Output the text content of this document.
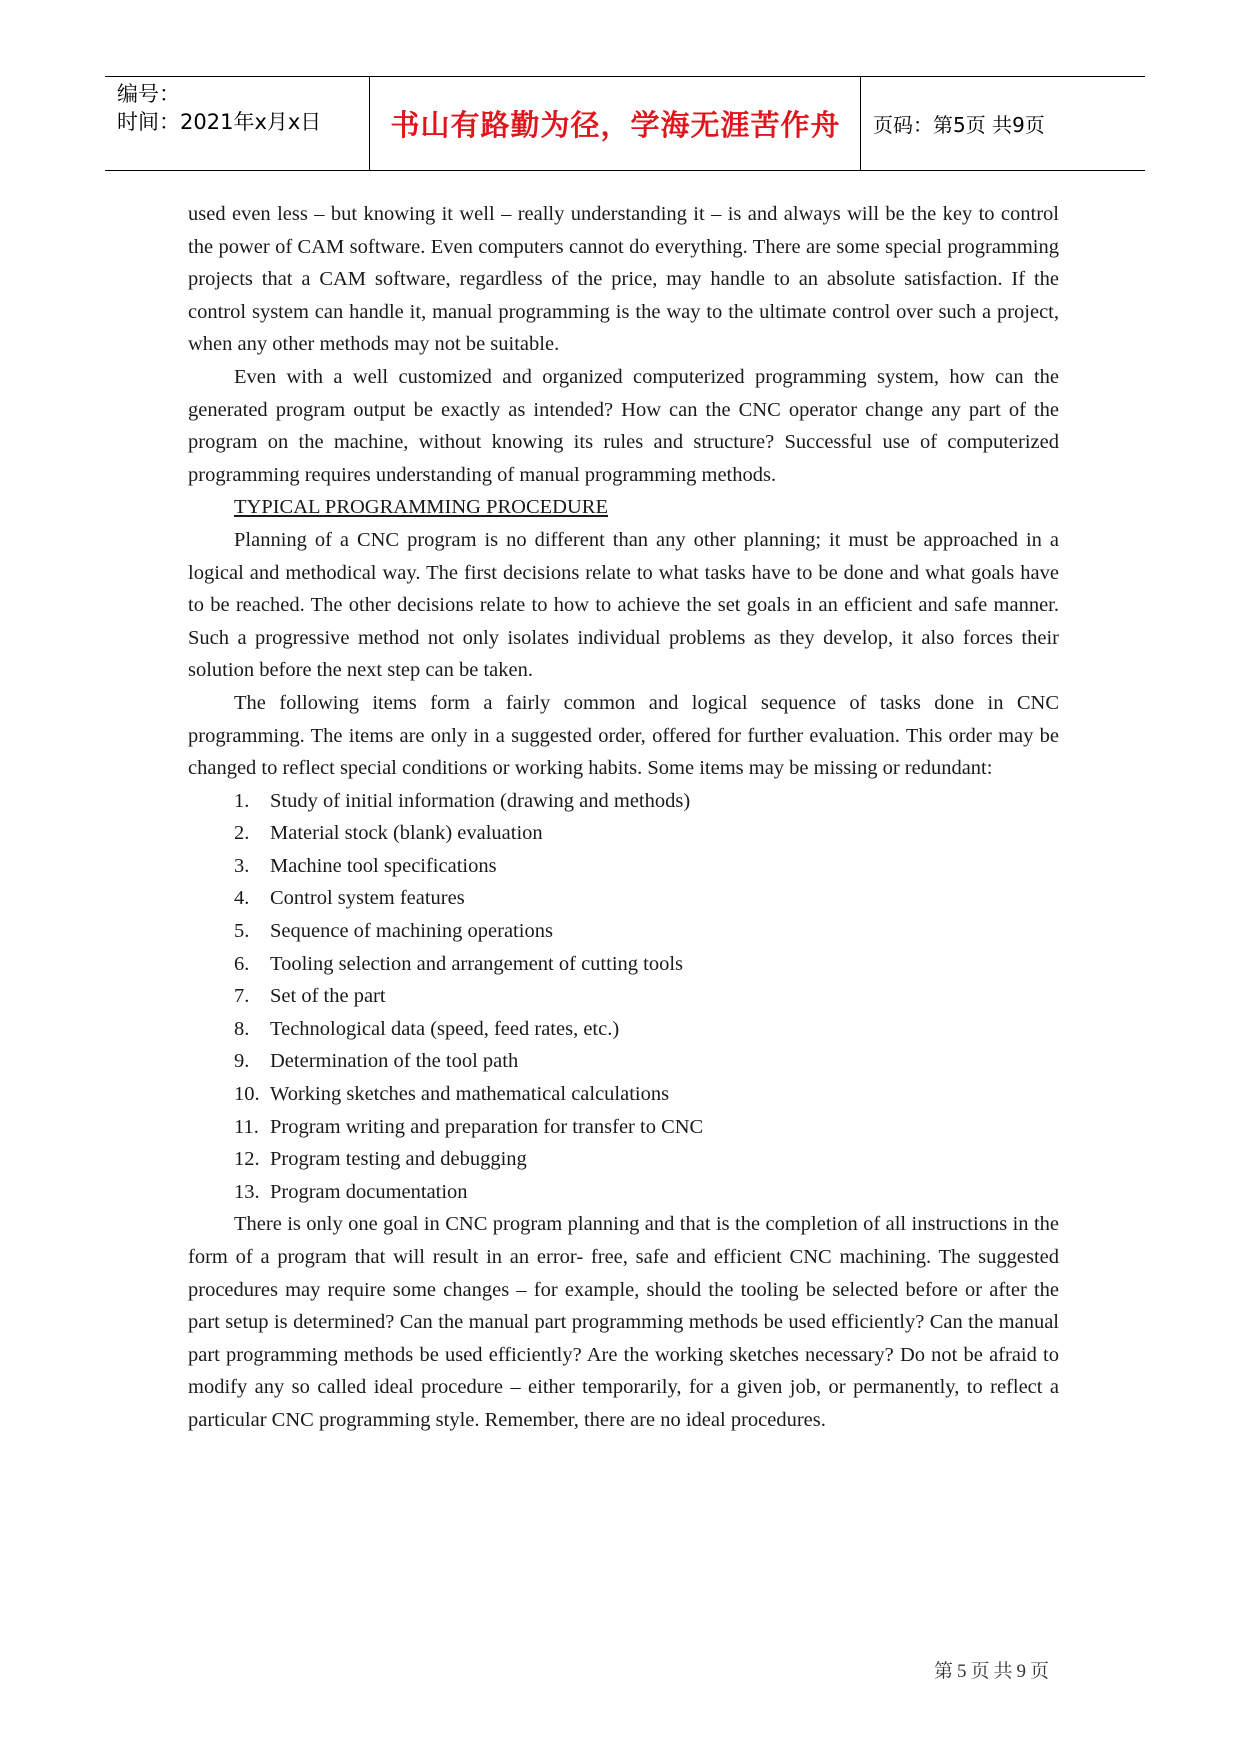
编号：
时间：2021年x月x日	书山有路勤为径，学海无涯苦作舟	页码：第5页 共9页

used even less – but knowing it well – really understanding it – is and always will be the key to control the power of CAM software. Even computers cannot do everything. There are some special programming projects that a CAM software, regardless of the price, may handle to an absolute satisfaction. If the control system can handle it, manual programming is the way to the ultimate control over such a project, when any other methods may not be suitable.

Even with a well customized and organized computerized programming system, how can the generated program output be exactly as intended? How can the CNC operator change any part of the program on the machine, without knowing its rules and structure? Successful use of computerized programming requires understanding of manual programming methods.

TYPICAL PROGRAMMING PROCEDURE

Planning of a CNC program is no different than any other planning; it must be approached in a logical and methodical way. The first decisions relate to what tasks have to be done and what goals have to be reached. The other decisions relate to how to achieve the set goals in an efficient and safe manner. Such a progressive method not only isolates individual problems as they develop, it also forces their solution before the next step can be taken.

The following items form a fairly common and logical sequence of tasks done in CNC programming. The items are only in a suggested order, offered for further evaluation. This order may be changed to reflect special conditions or working habits. Some items may be missing or redundant:

1.	Study of initial information (drawing and methods)
2.	Material stock (blank) evaluation
3.	Machine tool specifications
4.	Control system features
5.	Sequence of machining operations
6.	Tooling selection and arrangement of cutting tools
7.	Set of the part
8.	Technological data (speed, feed rates, etc.)
9.	Determination of the tool path
10. Working sketches and mathematical calculations
11. Program writing and preparation for transfer to CNC
12. Program testing and debugging
13. Program documentation

There is only one goal in CNC program planning and that is the completion of all instructions in the form of a program that will result in an error- free, safe and efficient CNC machining. The suggested procedures may require some changes – for example, should the tooling be selected before or after the part setup is determined? Can the manual part programming methods be used efficiently? Can the manual part programming methods be used efficiently? Are the working sketches necessary? Do not be afraid to modify any so called ideal procedure – either temporarily, for a given job, or permanently, to reflect a particular CNC programming style. Remember, there are no ideal procedures.

第5页共9页
